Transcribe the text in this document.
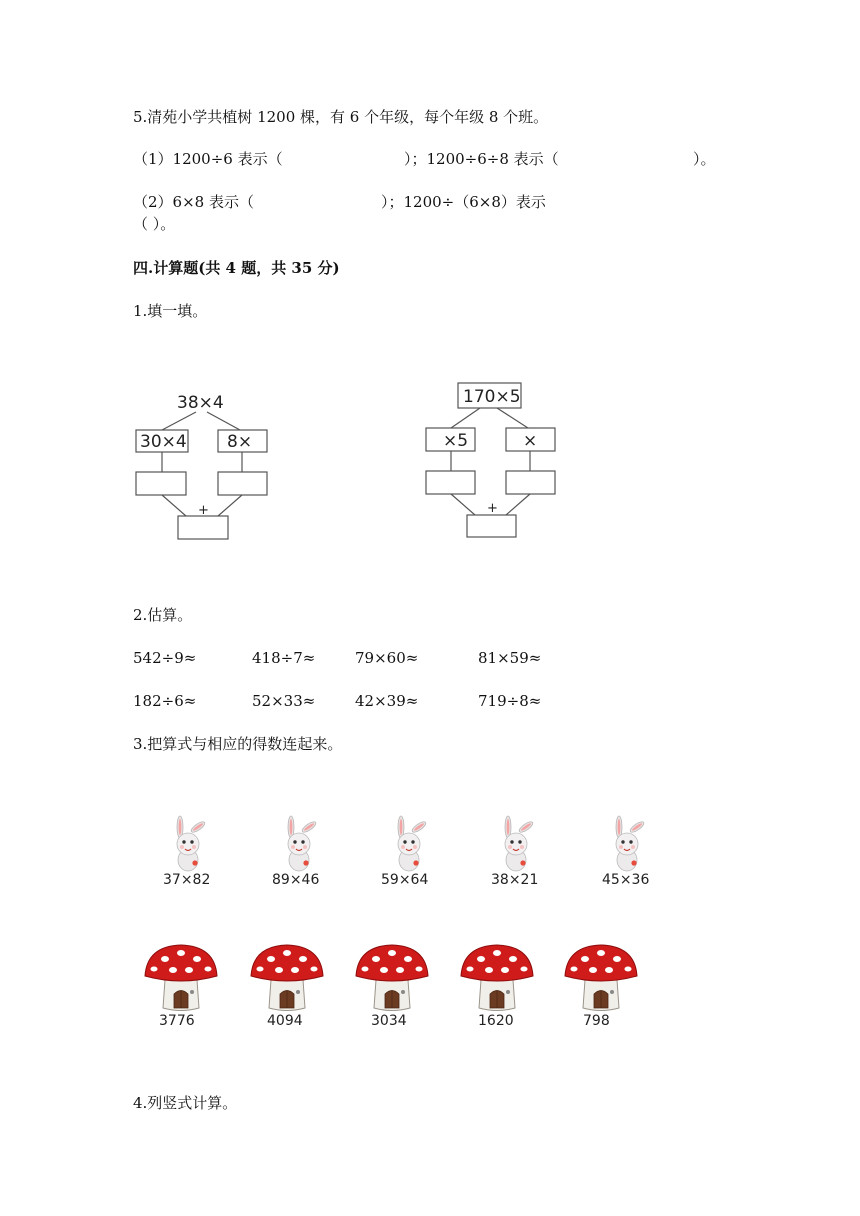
5.清苑小学共植树 1200 棵，有 6 个年级，每个年级 8 个班。
（1）1200÷6 表示（	）；1200÷6÷8 表示（	）。
（2）6×8 表示（	）；1200÷（6×8）表示
（ ）。
四.计算题(共 4 题，共 35 分)
1.填一填。
38×4
30×4 8×
+
170×5
×5	×
+
2.估算。
542÷9≈	418÷7≈	79×60≈	81×59≈
182÷6≈	52×33≈	42×39≈	719÷8≈
3.把算式与相应的得数连起来。
37×82	89×46	59×64	38×21	45×36
3776	4094	3034	1620	798
4.列竖式计算。
